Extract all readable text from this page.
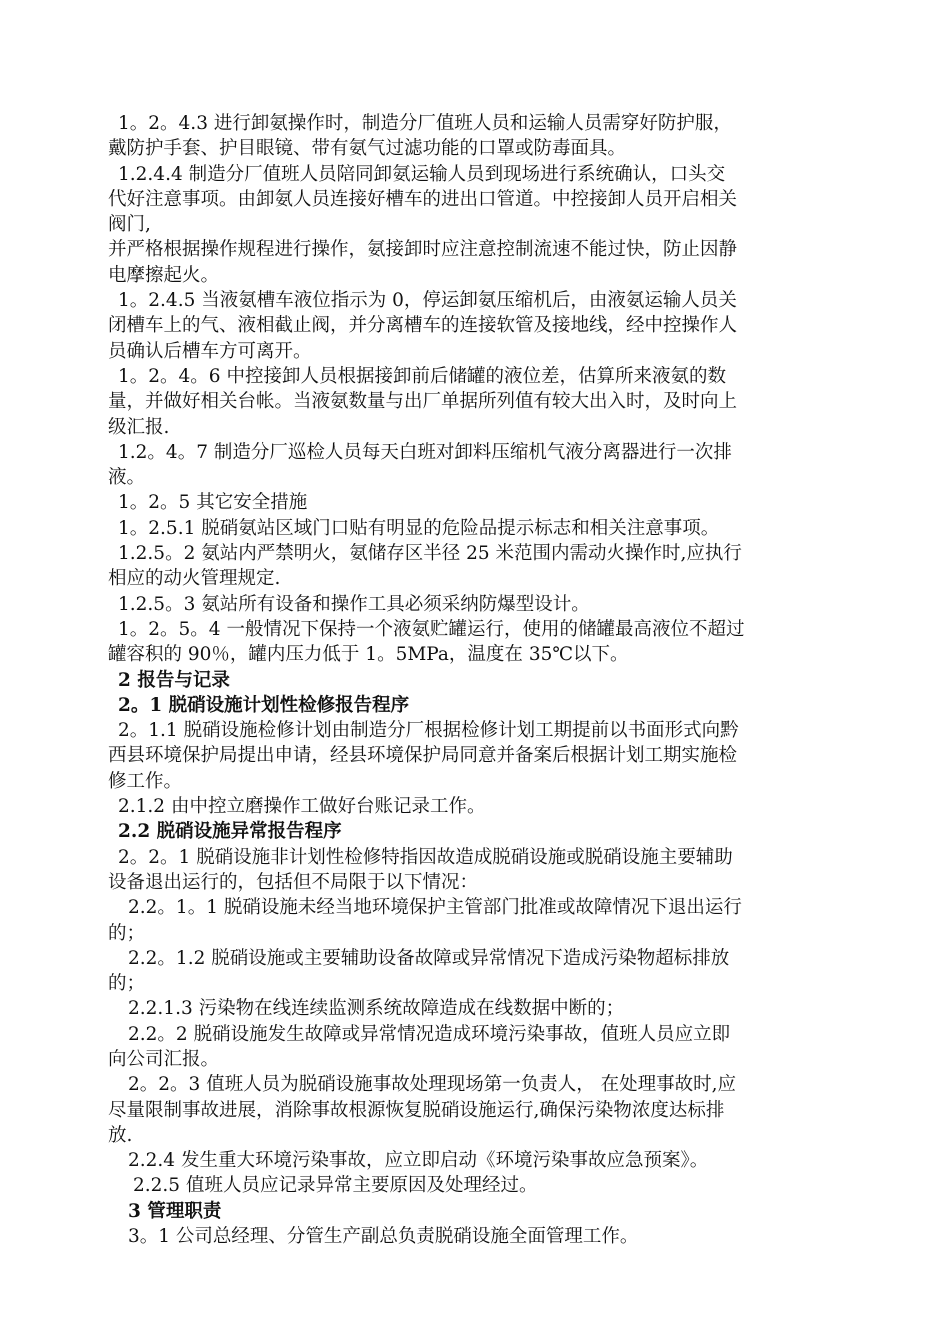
1。2。4.3 进行卸氨操作时，制造分厂值班人员和运输人员需穿好防护服，

戴防护手套、护目眼镜、带有氨气过滤功能的口罩或防毒面具。

1.2.4.4 制造分厂值班人员陪同卸氨运输人员到现场进行系统确认，口头交

代好注意事项。由卸氨人员连接好槽车的进出口管道。中控接卸人员开启相关

阀门,

并严格根据操作规程进行操作，氨接卸时应注意控制流速不能过快，防止因静

电摩擦起火。

1。2.4.5 当液氨槽车液位指示为 0，停运卸氨压缩机后，由液氨运输人员关

闭槽车上的气、液相截止阀，并分离槽车的连接软管及接地线，经中控操作人

员确认后槽车方可离开。

1。2。4。6 中控接卸人员根据接卸前后储罐的液位差，估算所来液氨的数

量，并做好相关台帐。当液氨数量与出厂单据所列值有较大出入时，及时向上

级汇报.

1.2。4。7 制造分厂巡检人员每天白班对卸料压缩机气液分离器进行一次排

液。

1。2。5 其它安全措施

1。2.5.1 脱硝氨站区域门口贴有明显的危险品提示标志和相关注意事项。

1.2.5。2 氨站内严禁明火，氨储存区半径 25 米范围内需动火操作时,应执行

相应的动火管理规定.

1.2.5。3 氨站所有设备和操作工具必须采纳防爆型设计。

1。2。5。4 一般情况下保持一个液氨贮罐运行，使用的储罐最高液位不超过

罐容积的 90％，罐内压力低于 1。5MPa，温度在 35℃以下。

2 报告与记录

2。1 脱硝设施计划性检修报告程序

2。1.1 脱硝设施检修计划由制造分厂根据检修计划工期提前以书面形式向黔

西县环境保护局提出申请，经县环境保护局同意并备案后根据计划工期实施检

修工作。

2.1.2 由中控立磨操作工做好台账记录工作。

2.2 脱硝设施异常报告程序

2。2。1 脱硝设施非计划性检修特指因故造成脱硝设施或脱硝设施主要辅助

设备退出运行的，包括但不局限于以下情况：

2.2。1。1 脱硝设施未经当地环境保护主管部门批准或故障情况下退出运行

的；

2.2。1.2 脱硝设施或主要辅助设备故障或异常情况下造成污染物超标排放

的；

2.2.1.3 污染物在线连续监测系统故障造成在线数据中断的；

2.2。2 脱硝设施发生故障或异常情况造成环境污染事故，值班人员应立即

向公司汇报。

2。2。3 值班人员为脱硝设施事故处理现场第一负责人， 在处理事故时,应

尽量限制事故进展，消除事故根源恢复脱硝设施运行,确保污染物浓度达标排

放.

2.2.4 发生重大环境污染事故，应立即启动《环境污染事故应急预案》。

2.2.5 值班人员应记录异常主要原因及处理经过。

3 管理职责

3。1 公司总经理、分管生产副总负责脱硝设施全面管理工作。
